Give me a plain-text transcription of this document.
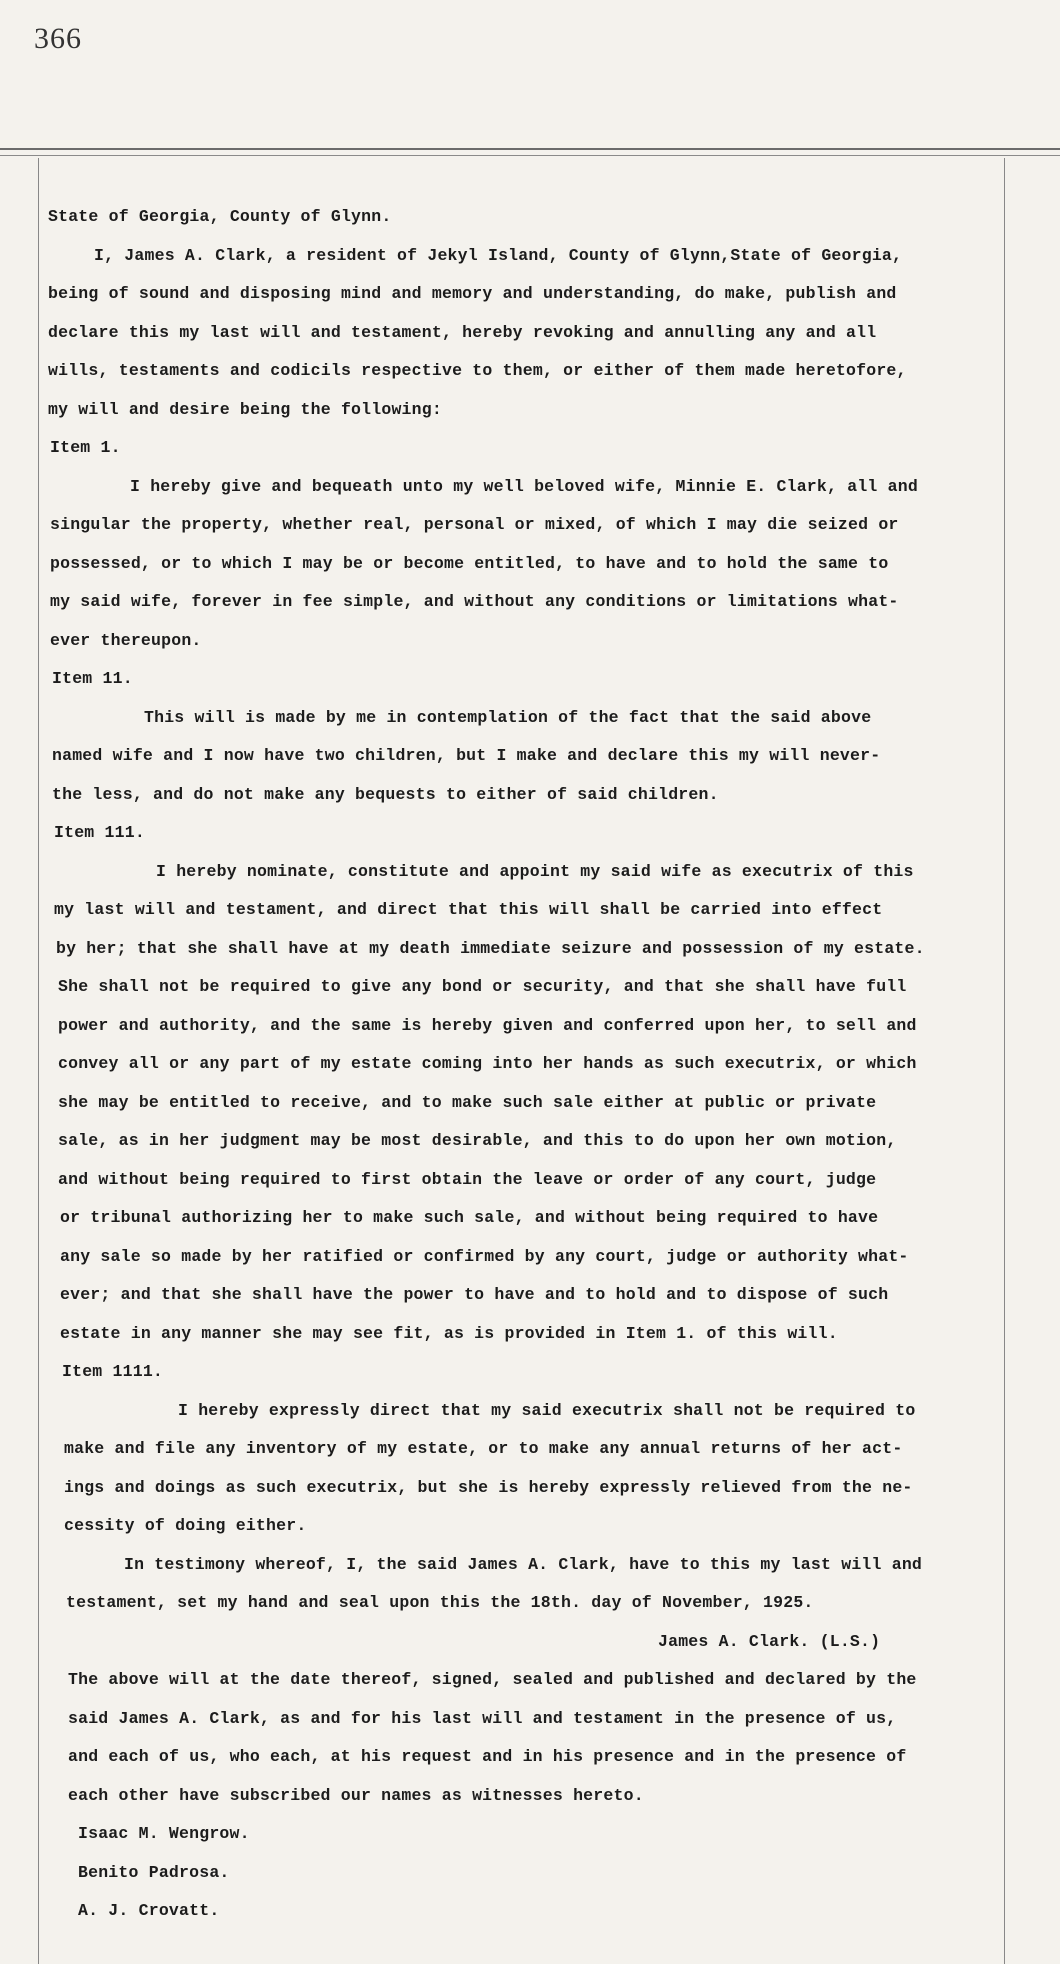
366
State of Georgia, County of Glynn.
I, James A. Clark, a resident of Jekyl Island, County of Glynn,State of Georgia,
being of sound and disposing mind and memory and understanding, do make, publish and
declare this my last will and testament, hereby revoking and annulling any and all
wills, testaments and codicils respective to them, or either of them made heretofore,
my will and desire being the following:
Item 1.
I hereby give and bequeath unto my well beloved wife, Minnie E. Clark, all and
singular the property, whether real, personal or mixed, of which I may die seized or
possessed, or to which I may be or become entitled, to have and to hold the same to
my said wife, forever in fee simple, and without any conditions or limitations what-
ever thereupon.
Item 11.
This will is made by me in contemplation of the fact that the said above
named wife and I now have two children, but I make and declare this my will never-
the less, and do not make any bequests to either of said children.
Item 111.
I hereby nominate, constitute and appoint my said wife as executrix of this
my last will and testament, and direct that this will shall be carried into effect
by her; that she shall have at my death immediate seizure and possession of my estate.
She shall not be required to give any bond or security, and that she shall have full
power and authority, and the same is hereby given and conferred upon her, to sell and
convey all or any part of my estate coming into her hands as such executrix, or which
she may be entitled to receive, and to make such sale either at public or private
sale, as in her judgment may be most desirable, and this to do upon her own motion,
and without being required to first obtain the leave or order of any court, judge
or tribunal authorizing her to make such sale, and without being required to have
any sale so made by her ratified or confirmed by any court, judge or authority what-
ever; and that she shall have the power to have and to hold and to dispose of such
estate in any manner she may see fit, as is provided in Item 1. of this will.
Item 1111.
I hereby expressly direct that my said executrix shall not be required to
make and file any inventory of my estate, or to make any annual returns of her act-
ings and doings as such executrix, but she is hereby expressly relieved from the ne-
cessity of doing either.
In testimony whereof, I, the said James A. Clark, have to this my last will and
testament, set my hand and seal upon this the 18th. day of November, 1925.
James A. Clark. (L.S.)
The above will at the date thereof, signed, sealed and published and declared by the
said James A. Clark, as and for his last will and testament in the presence of us,
and each of us, who each, at his request and in his presence and in the presence of
each other have subscribed our names as witnesses hereto.
Isaac M. Wengrow.
Benito Padrosa.
A. J. Crovatt.
